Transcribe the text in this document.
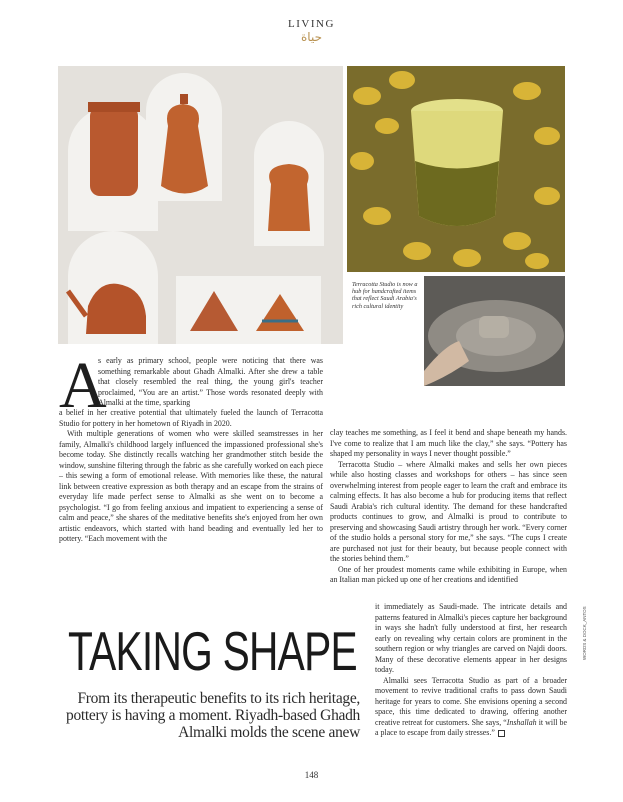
LIVING
حياة
Terracotta Studio is now a hub for handcrafted items that reflect Saudi Arabia's rich cultural identity
A

s early as primary school, people were noticing that there was something remarkable about Ghadh Almalki. After she drew a table that closely resembled the real thing, the young girl's teacher proclaimed, “You are an artist.” Those words resonated deeply with Almalki at the time, sparking

a belief in her creative potential that ultimately fueled the launch of Terracotta Studio for pottery in her hometown of Riyadh in 2020.

With multiple generations of women who were skilled seamstresses in her family, Almalki's childhood largely influenced the impassioned professional she's become today. She distinctly recalls watching her grandmother stitch beside the window, sunshine filtering through the fabric as she carefully worked on each piece – this sewing a form of emotional release. With memories like these, the natural link between creative expression as both therapy and an escape from the strains of everyday life made perfect sense to Almalki as she went on to become a psychologist. “I go from feeling anxious and impatient to experiencing a sense of calm and peace,” she shares of the meditative benefits she's enjoyed from her own artistic endeavors, which started with hand beading and eventually led her to pottery. “Each movement with the

clay teaches me something, as I feel it bend and shape beneath my hands. I've come to realize that I am much like the clay,” she says. “Pottery has shaped my personality in ways I never thought possible.”

Terracotta Studio – where Almalki makes and sells her own pieces while also hosting classes and workshops for others – has since seen overwhelming interest from people eager to learn the craft and embrace its calming effects. It has also become a hub for producing items that reflect Saudi Arabia's rich cultural identity. The demand for these handcrafted products continues to grow, and Almalki is proud to contribute to preserving and showcasing Saudi artistry through her work. “Every corner of the studio holds a personal story for me,” she says. “The cups I create are purchased not just for their beauty, but because people connect with the stories behind them.”

One of her proudest moments came while exhibiting in Europe, when an Italian man picked up one of her creations and identified

it immediately as Saudi-made. The intricate details and patterns featured in Almalki's pieces capture her background in ways she hadn't fully understood at first, her research early on revealing why certain colors are prominent in the southern region or why triangles are carved on Najdi doors. Many of these decorative elements appear in her designs today.

Almalki sees Terracotta Studio as part of a broader movement to revive traditional crafts to pass down Saudi heritage for years to come. She envisions opening a second space, this time dedicated to drawing, offering another creative retreat for customers. She says, “Inshallah it will be a place to escape from daily stresses.”

TAKING SHAPE
From its therapeutic benefits to its rich heritage, pottery is having a moment. Riyadh-based Ghadh Almalki molds the scene anew
WORDS & DOCK_ANTOS
148
